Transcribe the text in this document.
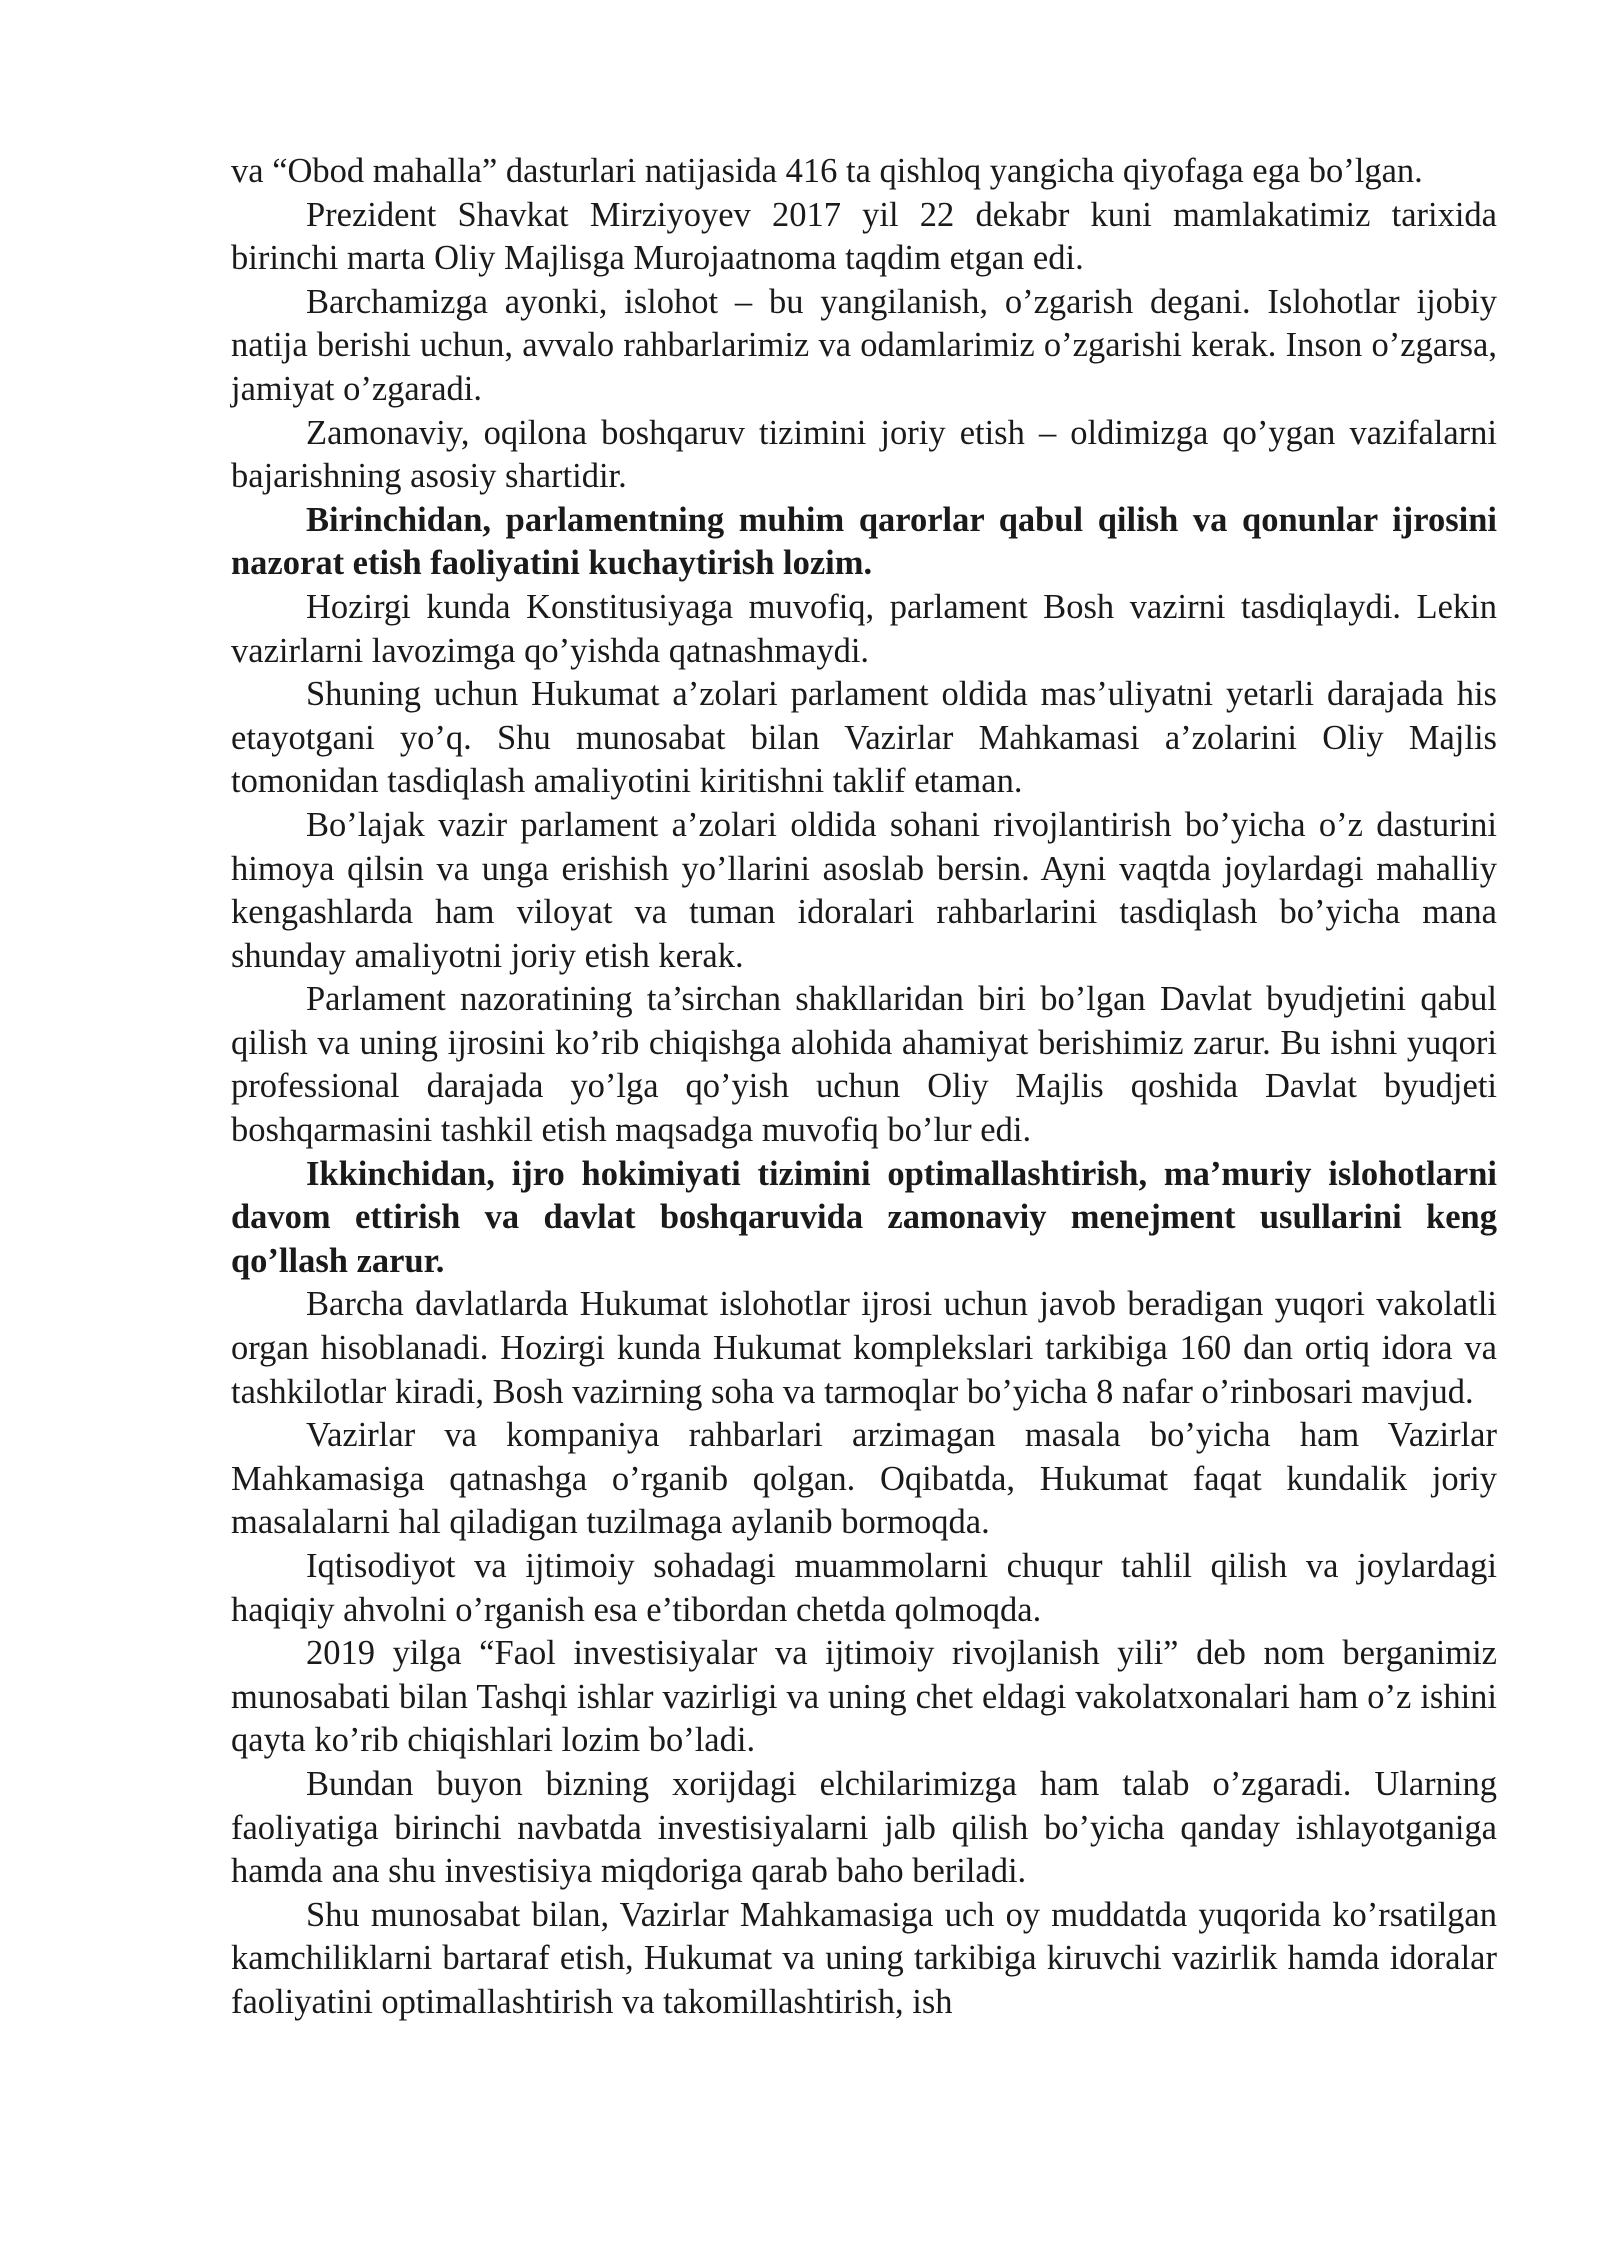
va “Obod mahalla” dasturlari natijasida 416 ta qishloq yangicha qiyofaga ega bo’lgan.

Prezident Shavkat Mirziyoyev 2017 yil 22 dekabr kuni mamlakatimiz tarixida birinchi marta Oliy Majlisga Murojaatnoma taqdim etgan edi.

Barchamizga ayonki, islohot – bu yangilanish, o’zgarish degani. Islohotlar ijobiy natija berishi uchun, avvalo rahbarlarimiz va odamlarimiz o’zgarishi kerak. Inson o’zgarsa, jamiyat o’zgaradi.

Zamonaviy, oqilona boshqaruv tizimini joriy etish – oldimizga qo’ygan vazifalarni bajarishning asosiy shartidir.

Birinchidan, parlamentning muhim qarorlar qabul qilish va qonunlar ijrosini nazorat etish faoliyatini kuchaytirish lozim.

Hozirgi kunda Konstitusiyaga muvofiq, parlament Bosh vazirni tasdiqlaydi. Lekin vazirlarni lavozimga qo’yishda qatnashmaydi.

Shuning uchun Hukumat a’zolari parlament oldida mas’uliyatni yetarli darajada his etayotgani yo’q. Shu munosabat bilan Vazirlar Mahkamasi a’zolarini Oliy Majlis tomonidan tasdiqlash amaliyotini kiritishni taklif etaman.

Bo’lajak vazir parlament a’zolari oldida sohani rivojlantirish bo’yicha o’z dasturini himoya qilsin va unga erishish yo’llarini asoslab bersin. Ayni vaqtda joylardagi mahalliy kengashlarda ham viloyat va tuman idoralari rahbarlarini tasdiqlash bo’yicha mana shunday amaliyotni joriy etish kerak.

Parlament nazoratining ta’sirchan shakllaridan biri bo’lgan Davlat byudjetini qabul qilish va uning ijrosini ko’rib chiqishga alohida ahamiyat berishimiz zarur. Bu ishni yuqori professional darajada yo’lga qo’yish uchun Oliy Majlis qoshida Davlat byudjeti boshqarmasini tashkil etish maqsadga muvofiq bo’lur edi.

Ikkinchidan, ijro hokimiyati tizimini optimallashtirish, ma’muriy islohotlarni davom ettirish va davlat boshqaruvida zamonaviy menejment usullarini keng qo’llash zarur.

Barcha davlatlarda Hukumat islohotlar ijrosi uchun javob beradigan yuqori vakolatli organ hisoblanadi. Hozirgi kunda Hukumat komplekslari tarkibiga 160 dan ortiq idora va tashkilotlar kiradi, Bosh vazirning soha va tarmoqlar bo’yicha 8 nafar o’rinbosari mavjud.

Vazirlar va kompaniya rahbarlari arzimagan masala bo’yicha ham Vazirlar Mahkamasiga qatnashga o’rganib qolgan. Oqibatda, Hukumat faqat kundalik joriy masalalarni hal qiladigan tuzilmaga aylanib bormoqda.

Iqtisodiyot va ijtimoiy sohadagi muammolarni chuqur tahlil qilish va joylardagi haqiqiy ahvolni o’rganish esa e’tibordan chetda qolmoqda.

2019 yilga “Faol investisiyalar va ijtimoiy rivojlanish yili” deb nom berganimiz munosabati bilan Tashqi ishlar vazirligi va uning chet eldagi vakolatxonalari ham o’z ishini qayta ko’rib chiqishlari lozim bo’ladi.

Bundan buyon bizning xorijdagi elchilarimizga ham talab o’zgaradi. Ularning faoliyatiga birinchi navbatda investisiyalarni jalb qilish bo’yicha qanday ishlayotganiga hamda ana shu investisiya miqdoriga qarab baho beriladi.

Shu munosabat bilan, Vazirlar Mahkamasiga uch oy muddatda yuqorida ko’rsatilgan kamchiliklarni bartaraf etish, Hukumat va uning tarkibiga kiruvchi vazirlik hamda idoralar faoliyatini optimallashtirish va takomillashtirish, ish
